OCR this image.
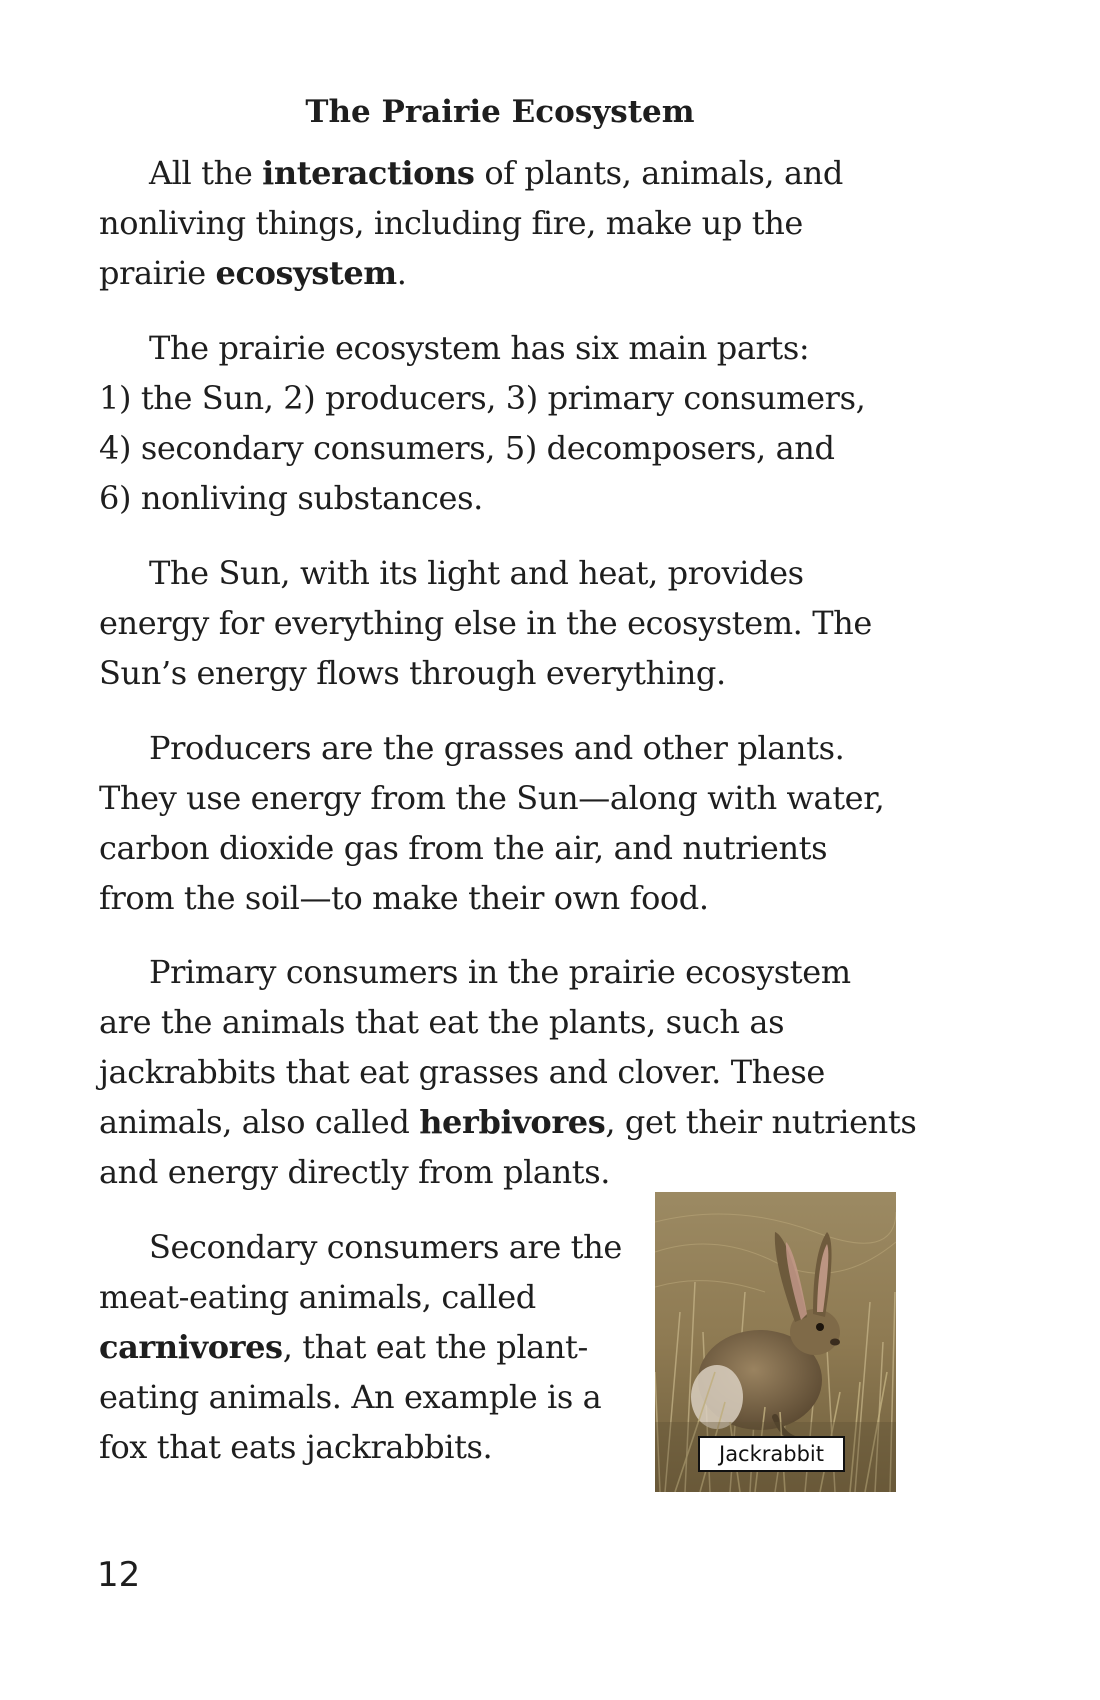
The Prairie Ecosystem

All the interactions of plants, animals, and
nonliving things, including fire, make up the
prairie ecosystem.

The prairie ecosystem has six main parts:
1) the Sun, 2) producers, 3) primary consumers,
4) secondary consumers, 5) decomposers, and
6) nonliving substances.

The Sun, with its light and heat, provides
energy for everything else in the ecosystem. The
Sun’s energy flows through everything.

Producers are the grasses and other plants.
They use energy from the Sun—along with water,
carbon dioxide gas from the air, and nutrients
from the soil—to make their own food.

Primary consumers in the prairie ecosystem
are the animals that eat the plants, such as
jackrabbits that eat grasses and clover. These
animals, also called herbivores, get their nutrients
and energy directly from plants.

Secondary consumers are the
meat-eating animals, called
carnivores, that eat the plant-
eating animals. An example is a
fox that eats jackrabbits.	Jackrabbit
12
